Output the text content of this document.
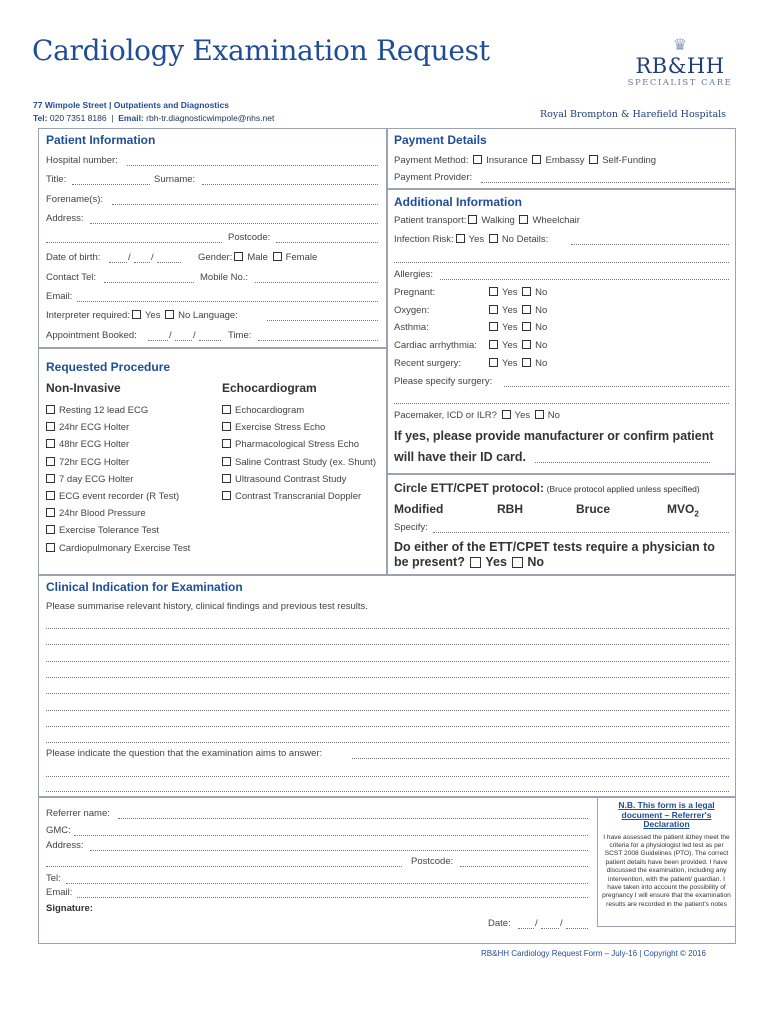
Cardiology Examination Request
77 Wimpole Street | Outpatients and Diagnostics
Tel: 020 7351 8186  |  Email: rbh-tr.diagnosticwimpole@nhs.net
♛
RB&HH
SPECIALIST CARE
Royal Brompton & Harefield Hospitals
Patient Information
Hospital number:
Title:	Surname:
Forename(s):
Address:
Postcode:
Date of birth:	/ /	Gender: Male Female
Contact Tel:	Mobile No.:
Email:
Interpreter required: Yes No Language:
Appointment Booked:	/ /	Time:
Payment Details
Payment Method: Insurance Embassy Self-Funding
Payment Provider:
Additional Information
Patient transport: Walking Wheelchair
Infection Risk: Yes No Details:
Allergies:
Pregnant:	Yes No
Oxygen:	Yes No
Asthma:	Yes No
Cardiac arrhythmia:	Yes No
Recent surgery:	Yes No
Please specify surgery:
Pacemaker, ICD or ILR? Yes No
If yes, please provide manufacturer or confirm patient
will have their ID card.
Circle ETT/CPET protocol: (Bruce protocol applied unless specified)
Modified	RBH	Bruce	$MVO_2$
Specify:
Do either of the ETT/CPET tests require a physician to
be present? Yes No
Requested Procedure
Non-Invasive	Echocardiogram
Resting 12 lead ECG
24hr ECG Holter
48hr ECG Holter
72hr ECG Holter
7 day ECG Holter
ECG event recorder (R Test)
24hr Blood Pressure
Exercise Tolerance Test
Cardiopulmonary Exercise Test
Echocardiogram
Exercise Stress Echo
Pharmacological Stress Echo
Saline Contrast Study (ex. Shunt)
Ultrasound Contrast Study
Contrast Transcranial Doppler
Clinical Indication for Examination
Please summarise relevant history, clinical findings and previous test results.
Please indicate the question that the examination aims to answer:
Referrer name:
GMC:
Address:
Postcode:
Tel:
Email:
Signature:
Date:	/ /
N.B. This form is a legal document – Referrer's Declaration
I have assessed the patient &they meet the criteria for a physiologist led test as per SCST 2008 Guidelines (PTO). The correct patient details have been provided. I have discussed the examination, including any intervention, with the patient/ guardian. I have taken into account the possibility of pregnancy I will ensure that the examination results are recorded in the patient's notes
RB&HH Cardiology Request Form – July-16 | Copyright © 2016
